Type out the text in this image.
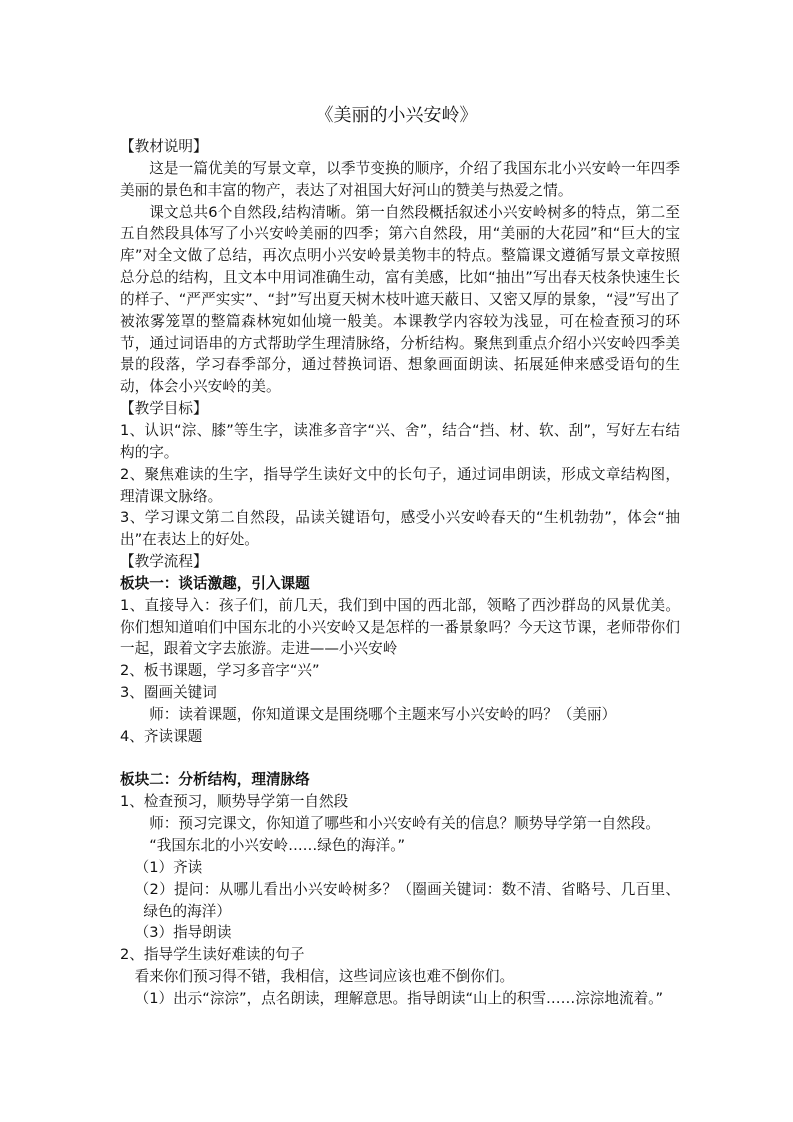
《美丽的小兴安岭》

【教材说明】

这是一篇优美的写景文章，以季节变换的顺序，介绍了我国东北小兴安岭一年四季美丽的景色和丰富的物产，表达了对祖国大好河山的赞美与热爱之情。

课文总共6个自然段,结构清晰。第一自然段概括叙述小兴安岭树多的特点，第二至五自然段具体写了小兴安岭美丽的四季；第六自然段，用“美丽的大花园”和“巨大的宝库”对全文做了总结，再次点明小兴安岭景美物丰的特点。整篇课文遵循写景文章按照总分总的结构，且文本中用词准确生动，富有美感，比如“抽出”写出春天枝条快速生长的样子、“严严实实”、“封”写出夏天树木枝叶遮天蔽日、又密又厚的景象，“浸”写出了被浓雾笼罩的整篇森林宛如仙境一般美。本课教学内容较为浅显，可在检查预习的环节，通过词语串的方式帮助学生理清脉络，分析结构。聚焦到重点介绍小兴安岭四季美景的段落，学习春季部分，通过替换词语、想象画面朗读、拓展延伸来感受语句的生动，体会小兴安岭的美。

【教学目标】

1、认识“淙、膝”等生字，读准多音字“兴、舍”，结合“挡、材、软、刮”，写好左右结构的字。

2、聚焦难读的生字，指导学生读好文中的长句子，通过词串朗读，形成文章结构图，理清课文脉络。

3、学习课文第二自然段，品读关键语句，感受小兴安岭春天的“生机勃勃”，体会“抽出”在表达上的好处。

【教学流程】

板块一：谈话激趣，引入课题

1、直接导入：孩子们，前几天，我们到中国的西北部，领略了西沙群岛的风景优美。你们想知道咱们中国东北的小兴安岭又是怎样的一番景象吗？今天这节课，老师带你们一起，跟着文字去旅游。走进——小兴安岭

2、板书课题，学习多音字“兴”

3、圈画关键词

师：读着课题，你知道课文是围绕哪个主题来写小兴安岭的吗？（美丽）

4、齐读课题

板块二：分析结构，理清脉络

1、检查预习，顺势导学第一自然段

师：预习完课文，你知道了哪些和小兴安岭有关的信息？顺势导学第一自然段。

“我国东北的小兴安岭……绿色的海洋。”

（1）齐读

（2）提问：从哪儿看出小兴安岭树多？（圈画关键词：数不清、省略号、几百里、绿色的海洋）

（3）指导朗读

2、指导学生读好难读的句子

看来你们预习得不错，我相信，这些词应该也难不倒你们。

（1）出示“淙淙”，点名朗读，理解意思。指导朗读“山上的积雪……淙淙地流着。”
